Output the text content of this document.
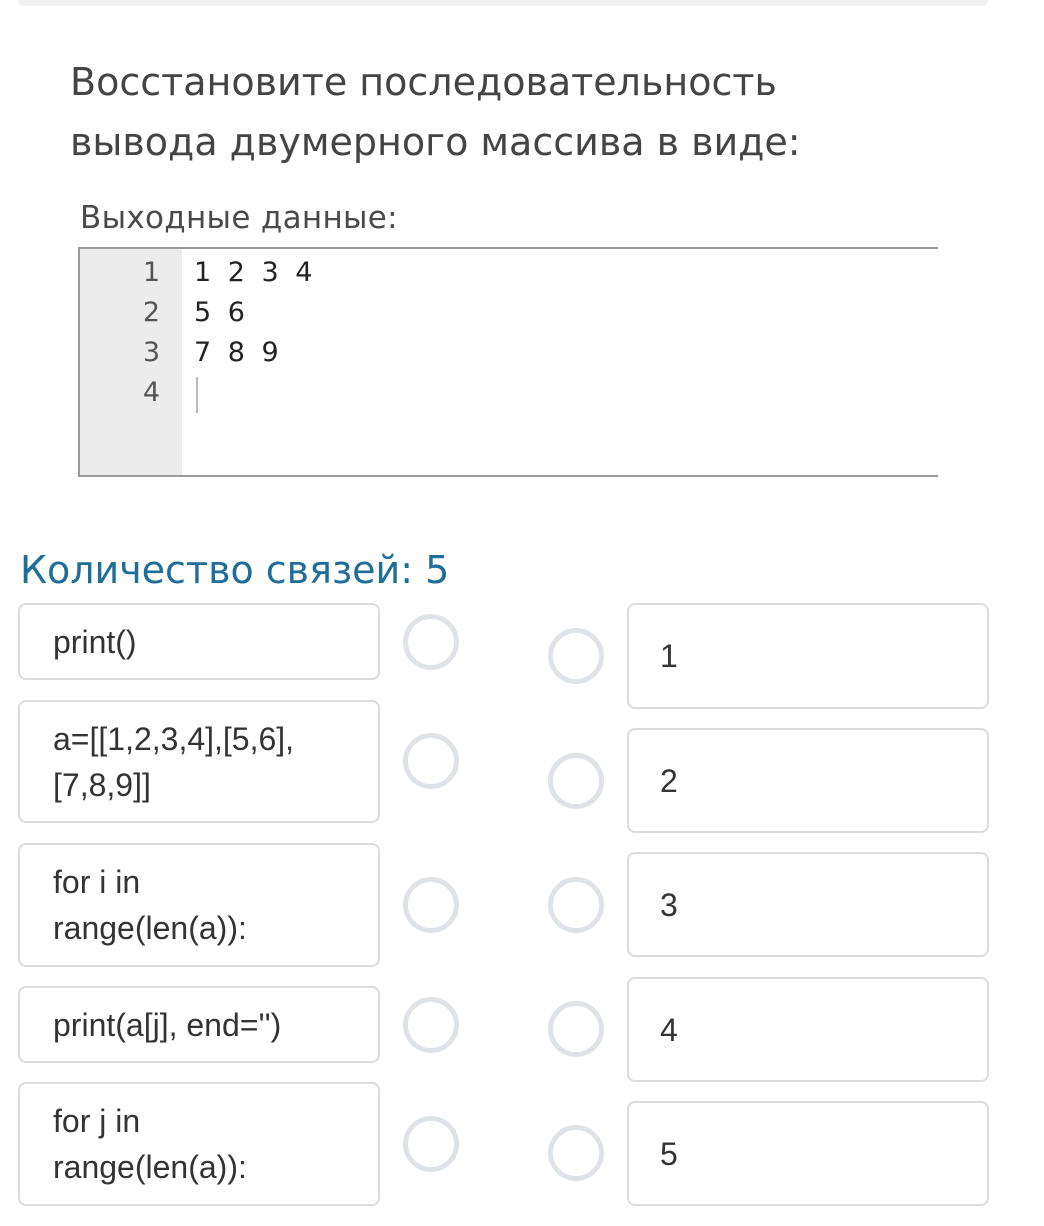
Восстановите последовательность
вывода двумерного массива в виде:
Выходные данные:
1
2
3
4
1 2 3 4
5 6
7 8 9
Количество связей: 5
print()
a=[[1,2,3,4],[5,6],
[7,8,9]]
for i in
range(len(a)):
print(a[j], end='')
for j in
range(len(a)):
1
2
3
4
5
